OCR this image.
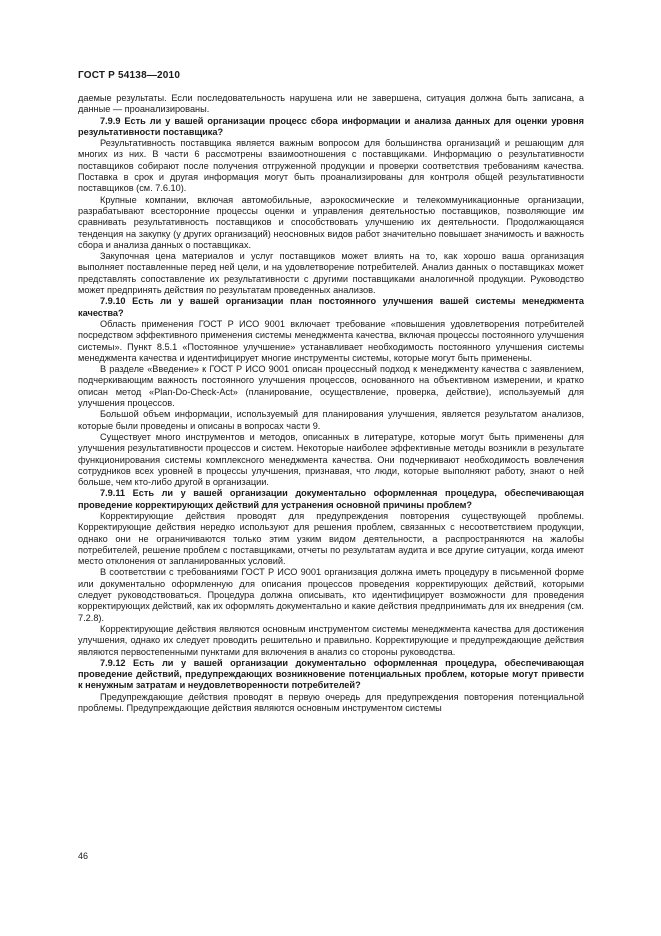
ГОСТ Р 54138—2010

даемые результаты. Если последовательность нарушена или не завершена, ситуация должна быть записана, а данные — проанализированы.

7.9.9 Есть ли у вашей организации процесс сбора информации и анализа данных для оценки уровня результативности поставщика?

Результативность поставщика является важным вопросом для большинства организаций и решающим для многих из них. В части 6 рассмотрены взаимоотношения с поставщиками. Информацию о результативности поставщиков собирают после получения отгруженной продукции и проверки соответствия требованиям качества. Поставка в срок и другая информация могут быть проанализированы для контроля общей результативности поставщиков (см. 7.6.10).

Крупные компании, включая автомобильные, аэрокосмические и телекоммуникационные организации, разрабатывают всесторонние процессы оценки и управления деятельностью поставщиков, позволяющие им сравнивать результативность поставщиков и способствовать улучшению их деятельности. Продолжающаяся тенденция на закупку (у других организаций) неосновных видов работ значительно повышает значимость и важность сбора и анализа данных о поставщиках.

Закупочная цена материалов и услуг поставщиков может влиять на то, как хорошо ваша организация выполняет поставленные перед ней цели, и на удовлетворение потребителей. Анализ данных о поставщиках может представлять сопоставление их результативности с другими поставщиками аналогичной продукции. Руководство может предпринять действия по результатам проведенных анализов.

7.9.10 Есть ли у вашей организации план постоянного улучшения вашей системы менеджмента качества?

Область применения ГОСТ Р ИСО 9001 включает требование «повышения удовлетворения потребителей посредством эффективного применения системы менеджмента качества, включая процессы постоянного улучшения системы». Пункт 8.5.1 «Постоянное улучшение» устанавливает необходимость постоянного улучшения системы менеджмента качества и идентифицирует многие инструменты системы, которые могут быть применены.

В разделе «Введение» к ГОСТ Р ИСО 9001 описан процессный подход к менеджменту качества с заявлением, подчеркивающим важность постоянного улучшения процессов, основанного на объективном измерении, и кратко описан метод «Plan-Do-Check-Act» (планирование, осуществление, проверка, действие), используемый для улучшения процессов.

Большой объем информации, используемый для планирования улучшения, является результатом анализов, которые были проведены и описаны в вопросах части 9.

Существует много инструментов и методов, описанных в литературе, которые могут быть применены для улучшения результативности процессов и систем. Некоторые наиболее эффективные методы возникли в результате функционирования системы комплексного менеджмента качества. Они подчеркивают необходимость вовлечения сотрудников всех уровней в процессы улучшения, признавая, что люди, которые выполняют работу, знают о ней больше, чем кто-либо другой в организации.

7.9.11 Есть ли у вашей организации документально оформленная процедура, обеспечивающая проведение корректирующих действий для устранения основной причины проблем?

Корректирующие действия проводят для предупреждения повторения существующей проблемы. Корректирующие действия нередко используют для решения проблем, связанных с несоответствием продукции, однако они не ограничиваются только этим узким видом деятельности, а распространяются на жалобы потребителей, решение проблем с поставщиками, отчеты по результатам аудита и все другие ситуации, когда имеют место отклонения от запланированных условий.

В соответствии с требованиями ГОСТ Р ИСО 9001 организация должна иметь процедуру в письменной форме или документально оформленную для описания процессов проведения корректирующих действий, которыми следует руководствоваться. Процедура должна описывать, кто идентифицирует возможности для проведения корректирующих действий, как их оформлять документально и какие действия предпринимать для их внедрения (см. 7.2.8).

Корректирующие действия являются основным инструментом системы менеджмента качества для достижения улучшения, однако их следует проводить решительно и правильно. Корректирующие и предупреждающие действия являются первостепенными пунктами для включения в анализ со стороны руководства.

7.9.12 Есть ли у вашей организации документально оформленная процедура, обеспечивающая проведение действий, предупреждающих возникновение потенциальных проблем, которые могут привести к ненужным затратам и неудовлетворенности потребителей?

Предупреждающие действия проводят в первую очередь для предупреждения повторения потенциальной проблемы. Предупреждающие действия являются основным инструментом системы

46
